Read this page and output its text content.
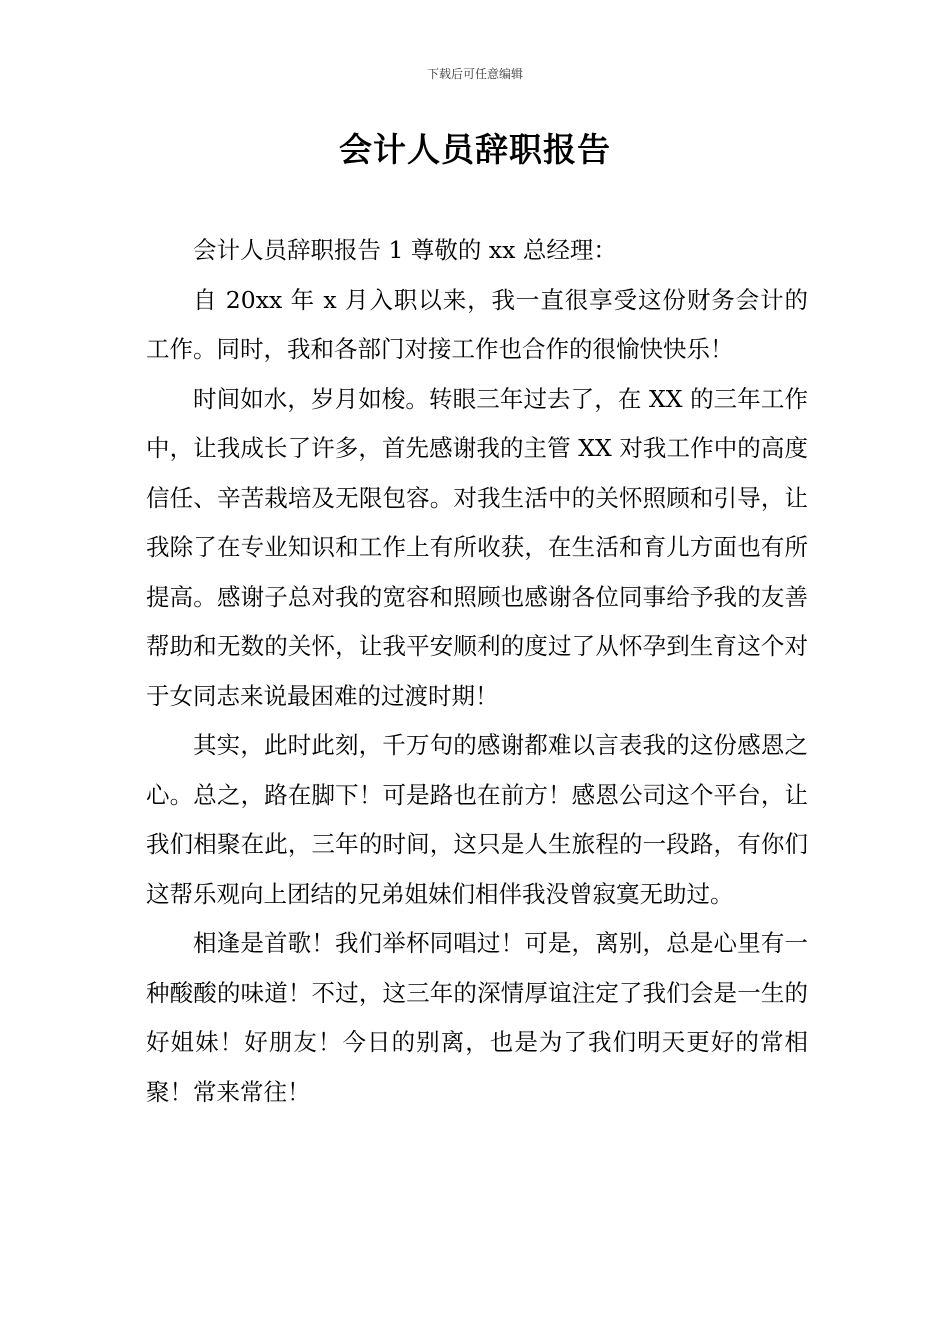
下载后可任意编辑
会计人员辞职报告

会计人员辞职报告 1 尊敬的 xx 总经理：

自 20xx 年 x 月入职以来，我一直很享受这份财务会计的工作。同时，我和各部门对接工作也合作的很愉快快乐！

时间如水，岁月如梭。转眼三年过去了，在 XX 的三年工作中，让我成长了许多，首先感谢我的主管 XX 对我工作中的高度信任、辛苦栽培及无限包容。对我生活中的关怀照顾和引导，让我除了在专业知识和工作上有所收获，在生活和育儿方面也有所提高。感谢子总对我的宽容和照顾也感谢各位同事给予我的友善帮助和无数的关怀，让我平安顺利的度过了从怀孕到生育这个对于女同志来说最困难的过渡时期！

其实，此时此刻，千万句的感谢都难以言表我的这份感恩之心。总之，路在脚下！可是路也在前方！感恩公司这个平台，让我们相聚在此，三年的时间，这只是人生旅程的一段路，有你们这帮乐观向上团结的兄弟姐妹们相伴我没曾寂寞无助过。

相逢是首歌！我们举杯同唱过！可是，离别，总是心里有一种酸酸的味道！不过，这三年的深情厚谊注定了我们会是一生的好姐妹！好朋友！今日的别离，也是为了我们明天更好的常相聚！常来常往！
